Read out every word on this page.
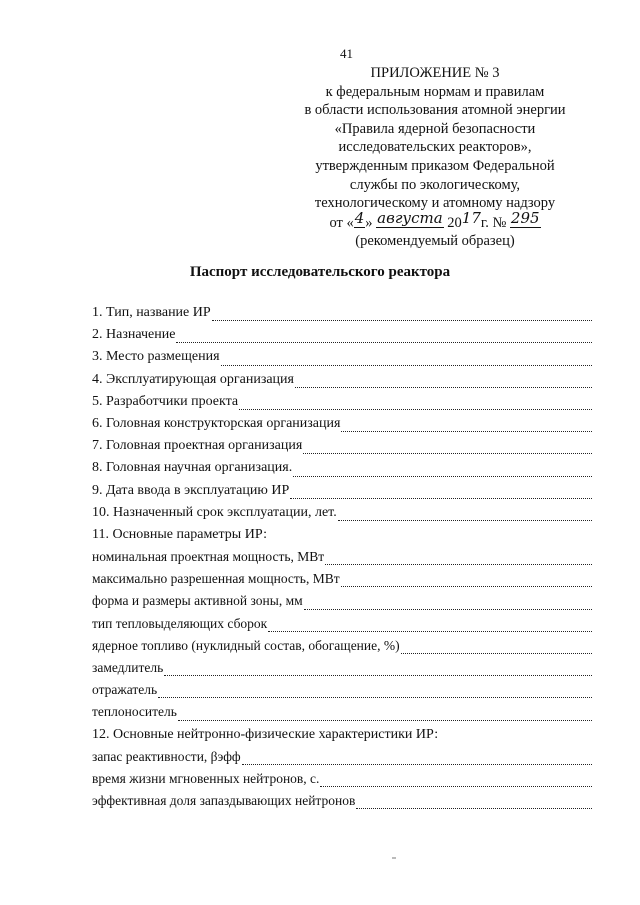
41
ПРИЛОЖЕНИЕ № 3
к федеральным нормам и правилам
в области использования атомной энергии
«Правила ядерной безопасности
исследовательских реакторов»,
утвержденным приказом Федеральной
службы по экологическому,
технологическому и атомному надзору
от «4» августа 2017г. № 295
(рекомендуемый образец)
Паспорт исследовательского реактора
1. Тип, название ИР
2. Назначение
3. Место размещения
4. Эксплуатирующая организация
5. Разработчики проекта
6. Головная конструкторская организация
7. Головная проектная организация
8. Головная научная организация.
9. Дата ввода в эксплуатацию ИР
10. Назначенный срок эксплуатации, лет.
11. Основные параметры ИР:
номинальная проектная мощность, МВт
максимально разрешенная мощность, МВт
форма и размеры активной зоны, мм
тип тепловыделяющих сборок
ядерное топливо (нуклидный состав, обогащение, %)
замедлитель
отражатель
теплоноситель
12. Основные нейтронно-физические характеристики ИР:
запас реактивности, βэфф
время жизни мгновенных нейтронов, с.
эффективная доля запаздывающих нейтронов
